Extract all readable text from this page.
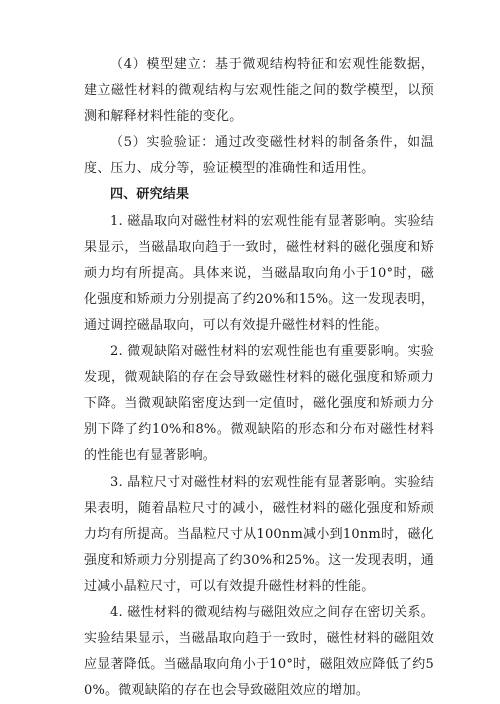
（4）模型建立：基于微观结构特征和宏观性能数据，建立磁性材料的微观结构与宏观性能之间的数学模型，以预测和解释材料性能的变化。

（5）实验验证：通过改变磁性材料的制备条件，如温度、压力、成分等，验证模型的准确性和适用性。

四、研究结果

1. 磁晶取向对磁性材料的宏观性能有显著影响。实验结果显示，当磁晶取向趋于一致时，磁性材料的磁化强度和矫顽力均有所提高。具体来说，当磁晶取向角小于10°时，磁化强度和矫顽力分别提高了约20%和15%。这一发现表明，通过调控磁晶取向，可以有效提升磁性材料的性能。

2. 微观缺陷对磁性材料的宏观性能也有重要影响。实验发现，微观缺陷的存在会导致磁性材料的磁化强度和矫顽力下降。当微观缺陷密度达到一定值时，磁化强度和矫顽力分别下降了约10%和8%。微观缺陷的形态和分布对磁性材料的性能也有显著影响。

3. 晶粒尺寸对磁性材料的宏观性能有显著影响。实验结果表明，随着晶粒尺寸的减小，磁性材料的磁化强度和矫顽力均有所提高。当晶粒尺寸从100nm减小到10nm时，磁化强度和矫顽力分别提高了约30%和25%。这一发现表明，通过减小晶粒尺寸，可以有效提升磁性材料的性能。

4. 磁性材料的微观结构与磁阻效应之间存在密切关系。实验结果显示，当磁晶取向趋于一致时，磁性材料的磁阻效应显著降低。当磁晶取向角小于10°时，磁阻效应降低了约50%。微观缺陷的存在也会导致磁阻效应的增加。
